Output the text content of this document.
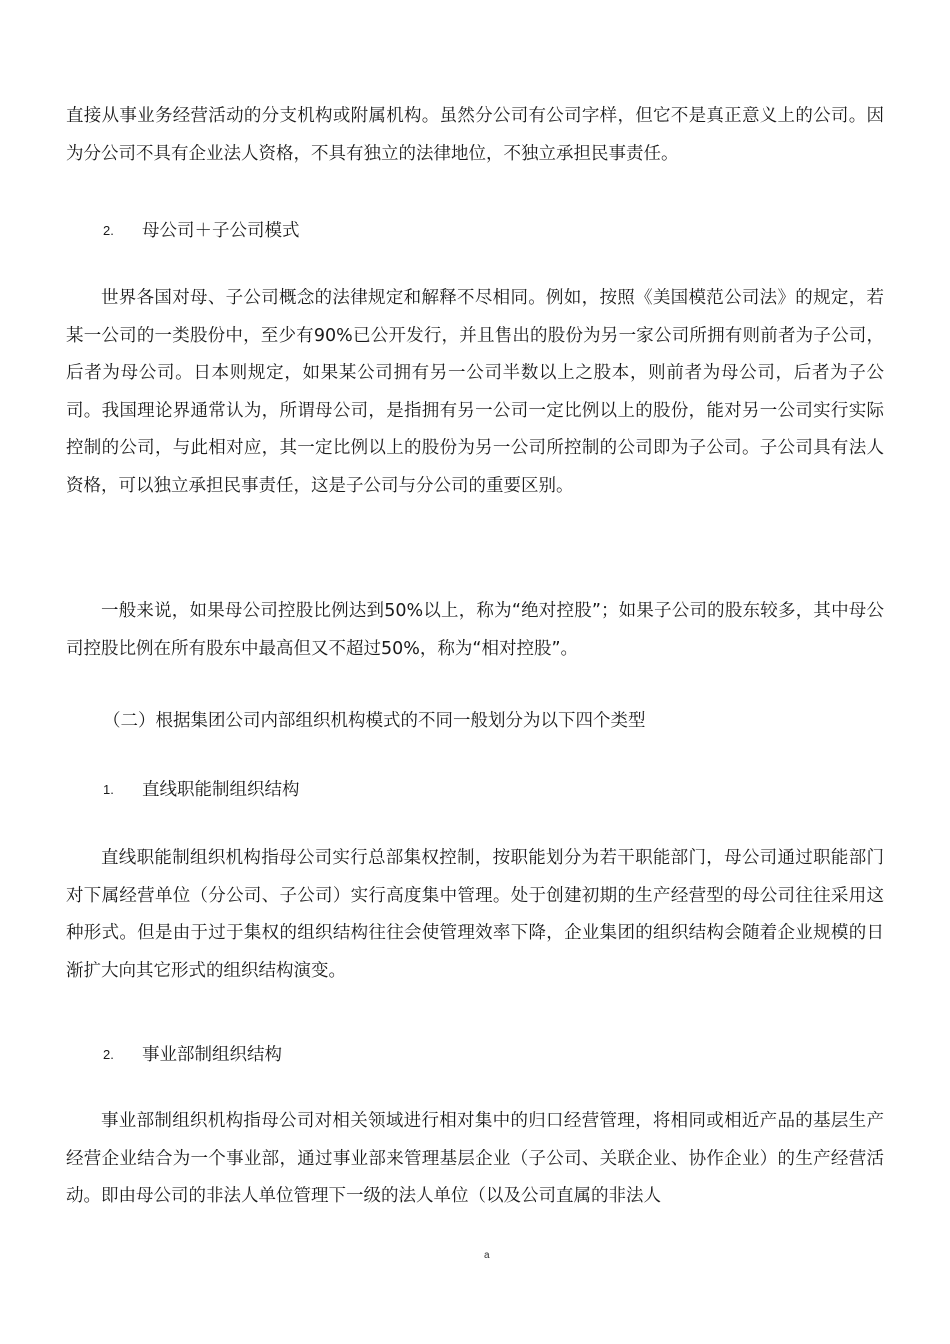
直接从事业务经营活动的分支机构或附属机构。虽然分公司有公司字样，但它不是真正意义上的公司。因为分公司不具有企业法人资格，不具有独立的法律地位，不独立承担民事责任。

2. 母公司＋子公司模式

世界各国对母、子公司概念的法律规定和解释不尽相同。例如，按照《美国模范公司法》的规定，若某一公司的一类股份中，至少有90%已公开发行，并且售出的股份为另一家公司所拥有则前者为子公司，后者为母公司。日本则规定，如果某公司拥有另一公司半数以上之股本，则前者为母公司，后者为子公司。我国理论界通常认为，所谓母公司，是指拥有另一公司一定比例以上的股份，能对另一公司实行实际控制的公司，与此相对应，其一定比例以上的股份为另一公司所控制的公司即为子公司。子公司具有法人资格，可以独立承担民事责任，这是子公司与分公司的重要区别。

一般来说，如果母公司控股比例达到50%以上，称为“绝对控股”；如果子公司的股东较多，其中母公司控股比例在所有股东中最高但又不超过50%，称为“相对控股”。

（二）根据集团公司内部组织机构模式的不同一般划分为以下四个类型
1. 直线职能制组织结构

直线职能制组织机构指母公司实行总部集权控制，按职能划分为若干职能部门，母公司通过职能部门对下属经营单位（分公司、子公司）实行高度集中管理。处于创建初期的生产经营型的母公司往往采用这种形式。但是由于过于集权的组织结构往往会使管理效率下降，企业集团的组织结构会随着企业规模的日渐扩大向其它形式的组织结构演变。

2. 事业部制组织结构

事业部制组织机构指母公司对相关领域进行相对集中的归口经营管理，将相同或相近产品的基层生产经营企业结合为一个事业部，通过事业部来管理基层企业（子公司、关联企业、协作企业）的生产经营活动。即由母公司的非法人单位管理下一级的法人单位（以及公司直属的非法人

a
